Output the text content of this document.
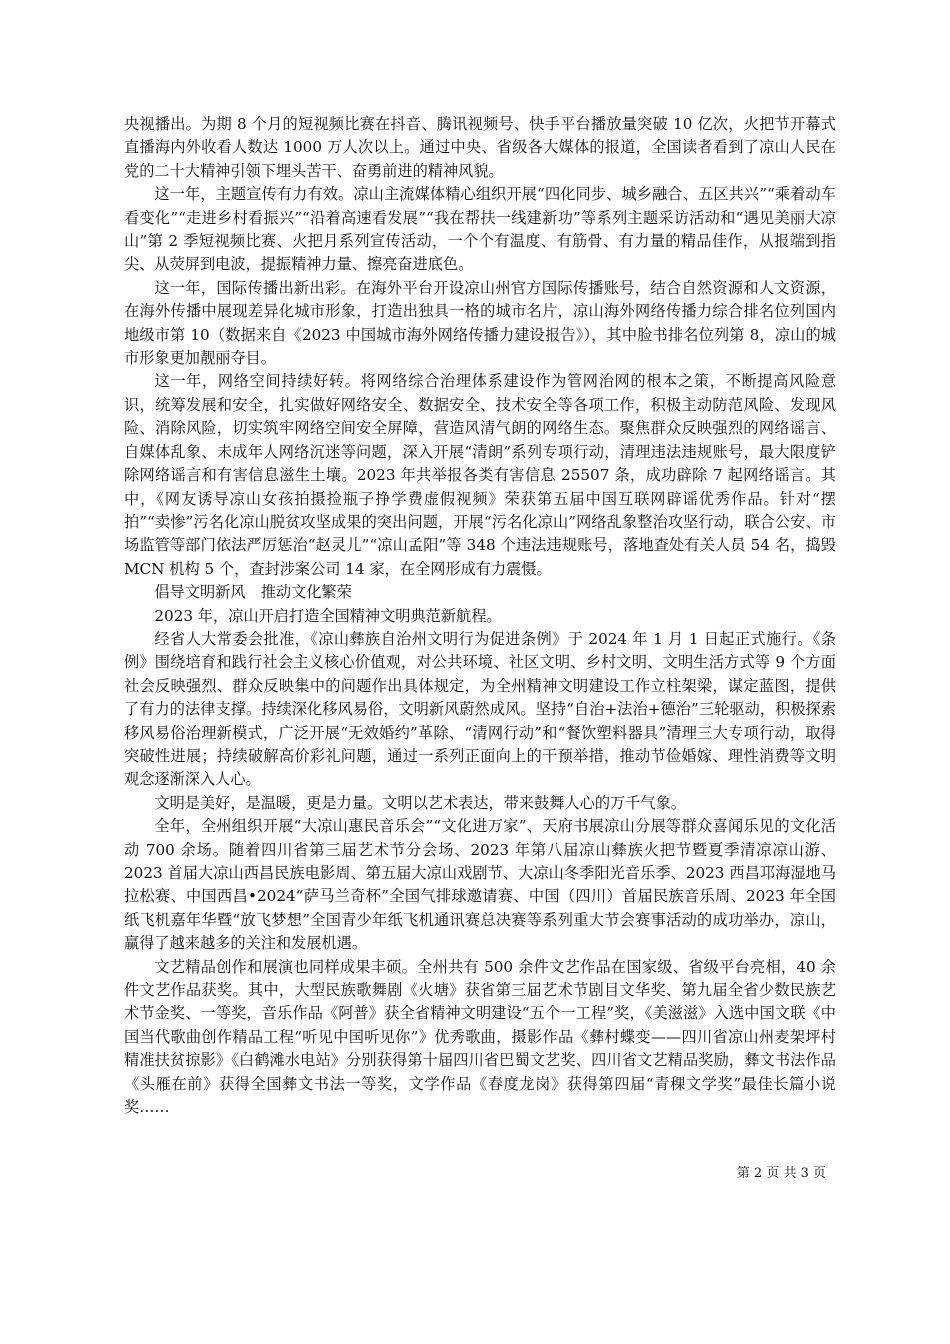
央视播出。为期 8 个月的短视频比赛在抖音、腾讯视频号、快手平台播放量突破 10 亿次，火把节开幕式直播海内外收看人数达 1000 万人次以上。通过中央、省级各大媒体的报道，全国读者看到了凉山人民在党的二十大精神引领下埋头苦干、奋勇前进的精神风貌。

这一年，主题宣传有力有效。凉山主流媒体精心组织开展“四化同步、城乡融合、五区共兴”“乘着动车看变化”“走进乡村看振兴”“沿着高速看发展”“我在帮扶一线建新功”等系列主题采访活动和“遇见美丽大凉山”第 2 季短视频比赛、火把月系列宣传活动，一个个有温度、有筋骨、有力量的精品佳作，从报端到指尖、从荧屏到电波，提振精神力量、擦亮奋进底色。

这一年，国际传播出新出彩。在海外平台开设凉山州官方国际传播账号，结合自然资源和人文资源，在海外传播中展现差异化城市形象，打造出独具一格的城市名片，凉山海外网络传播力综合排名位列国内地级市第 10（数据来自《2023 中国城市海外网络传播力建设报告》），其中脸书排名位列第 8，凉山的城市形象更加靓丽夺目。

这一年，网络空间持续好转。将网络综合治理体系建设作为管网治网的根本之策，不断提高风险意识，统筹发展和安全，扎实做好网络安全、数据安全、技术安全等各项工作，积极主动防范风险、发现风险、消除风险，切实筑牢网络空间安全屏障，营造风清气朗的网络生态。聚焦群众反映强烈的网络谣言、自媒体乱象、未成年人网络沉迷等问题，深入开展“清朗”系列专项行动，清理违法违规账号，最大限度铲除网络谣言和有害信息滋生土壤。2023 年共举报各类有害信息 25507 条，成功辟除 7 起网络谣言。其中，《网友诱导凉山女孩拍摄捡瓶子挣学费虚假视频》荣获第五届中国互联网辟谣优秀作品。针对“摆拍”“卖惨”污名化凉山脱贫攻坚成果的突出问题，开展“污名化凉山”网络乱象整治攻坚行动，联合公安、市场监管等部门依法严厉惩治“赵灵儿”“凉山孟阳”等 348 个违法违规账号，落地查处有关人员 54 名，捣毁 MCN 机构 5 个，查封涉案公司 14 家，在全网形成有力震慑。

倡导文明新风　推动文化繁荣

2023 年，凉山开启打造全国精神文明典范新航程。

经省人大常委会批准，《凉山彝族自治州文明行为促进条例》于 2024 年 1 月 1 日起正式施行。《条例》围绕培育和践行社会主义核心价值观，对公共环境、社区文明、乡村文明、文明生活方式等 9 个方面社会反映强烈、群众反映集中的问题作出具体规定，为全州精神文明建设工作立柱架梁，谋定蓝图，提供了有力的法律支撑。持续深化移风易俗，文明新风蔚然成风。坚持“自治+法治+德治”三轮驱动，积极探索移风易俗治理新模式，广泛开展“无效婚约”革除、“清网行动”和“餐饮塑料器具”清理三大专项行动，取得突破性进展；持续破解高价彩礼问题，通过一系列正面向上的干预举措，推动节俭婚嫁、理性消费等文明观念逐渐深入人心。

文明是美好，是温暖，更是力量。文明以艺术表达，带来鼓舞人心的万千气象。

全年，全州组织开展“大凉山惠民音乐会”“文化进万家”、天府书展凉山分展等群众喜闻乐见的文化活动 700 余场。随着四川省第三届艺术节分会场、2023 年第八届凉山彝族火把节暨夏季清凉凉山游、2023 首届大凉山西昌民族电影周、第五届大凉山戏剧节、大凉山冬季阳光音乐季、2023 西昌邛海湿地马拉松赛、中国西昌•2024“萨马兰奇杯”全国气排球邀请赛、中国（四川）首届民族音乐周、2023 年全国纸飞机嘉年华暨“放飞梦想”全国青少年纸飞机通讯赛总决赛等系列重大节会赛事活动的成功举办，凉山，赢得了越来越多的关注和发展机遇。

文艺精品创作和展演也同样成果丰硕。全州共有 500 余件文艺作品在国家级、省级平台亮相，40 余件文艺作品获奖。其中，大型民族歌舞剧《火塘》获省第三届艺术节剧目文华奖、第九届全省少数民族艺术节金奖、一等奖，音乐作品《阿普》获全省精神文明建设“五个一工程”奖，《美滋滋》入选中国文联《中国当代歌曲创作精品工程“听见中国听见你”》优秀歌曲，摄影作品《彝村蝶变——四川省凉山州麦架坪村精准扶贫掠影》《白鹤滩水电站》分别获得第十届四川省巴蜀文艺奖、四川省文艺精品奖励，彝文书法作品《头雁在前》获得全国彝文书法一等奖，文学作品《春度龙岗》获得第四届“青稞文学奖”最佳长篇小说奖……

第 2 页 共 3 页
